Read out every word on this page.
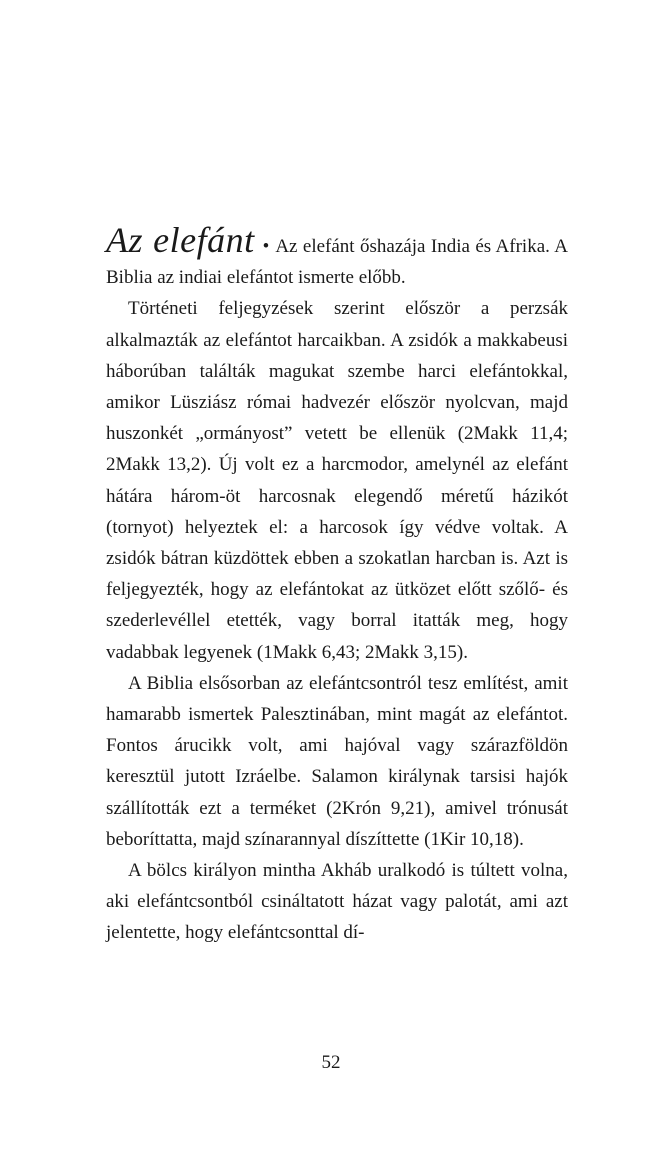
Az elefánt • Az elefánt őshazája India és Afrika. A Biblia az indiai elefántot ismerte előbb.

Történeti feljegyzések szerint először a perzsák alkalmazták az elefántot harcaikban. A zsidók a makkabeusi háborúban találták magukat szembe harci elefántokkal, amikor Lüsziász római hadvezér először nyolcvan, majd huszonkét „ormányost” vetett be ellenük (2Makk 11,4; 2Makk 13,2). Új volt ez a harcmodor, amelynél az elefánt hátára három-öt harcosnak elegendő méretű házikót (tornyot) helyeztek el: a harcosok így védve voltak. A zsidók bátran küzdöttek ebben a szokatlan harcban is. Azt is feljegyezték, hogy az elefántokat az ütközet előtt szőlő- és szederlevéllel etették, vagy borral itatták meg, hogy vadabbak legyenek (1Makk 6,43; 2Makk 3,15).

A Biblia elsősorban az elefántcsontról tesz említést, amit hamarabb ismertek Palesztinában, mint magát az elefántot. Fontos árucikk volt, ami hajóval vagy szárazföldön keresztül jutott Izráelbe. Salamon királynak tarsisi hajók szállították ezt a terméket (2Krón 9,21), amivel trónusát beboríttatta, majd színarannyal díszíttette (1Kir 10,18).

A bölcs királyon mintha Akháb uralkodó is túltett volna, aki elefántcsontból csináltatott házat vagy palotát, ami azt jelentette, hogy elefántcsonttal dí-

52
